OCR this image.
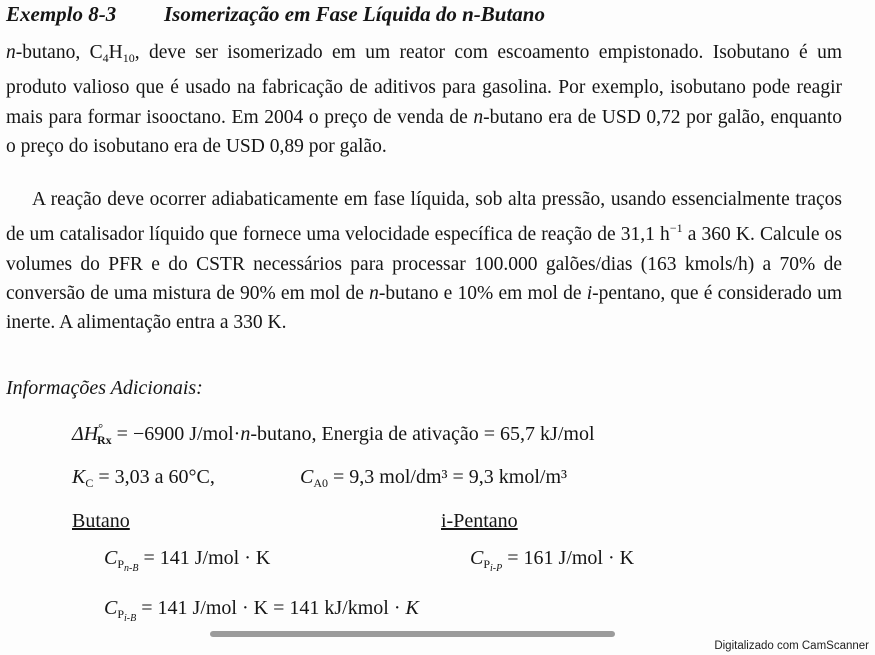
Exemplo 8-3 Isomerização em Fase Líquida do n-Butano

n-butano, $C_4H_{10}$, deve ser isomerizado em um reator com escoamento empistonado. Isobutano é um produto valioso que é usado na fabricação de aditivos para gasolina. Por exemplo, isobutano pode reagir mais para formar isooctano. Em 2004 o preço de venda de n-butano era de USD 0,72 por galão, enquanto o preço do isobutano era de USD 0,89 por galão.

A reação deve ocorrer adiabaticamente em fase líquida, sob alta pressão, usando essencialmente traços de um catalisador líquido que fornece uma velocidade específica de reação de 31,1 $h^{-1}$ a 360 K. Calcule os volumes do PFR e do CSTR necessários para processar 100.000 galões/dias (163 kmols/h) a 70% de conversão de uma mistura de 90% em mol de n-butano e 10% em mol de i-pentano, que é considerado um inerte. A alimentação entra a 330 K.

Informações Adicionais:
$\Delta H^\circ_{Rx} = -6900$ J/mol·n-butano, Energia de ativação = 65,7 kJ/mol
$K_C = 3,03$ a 60°C,	$C_{A0} = 9,3$ mol/dm³ = 9,3 kmol/m³
Butano	i-Pentano
$C_{Pn-B} = 141$ J/mol · K	$C_{Pi-P} = 161$ J/mol · K
$C_{Pi-B} = 141$ J/mol · K = 141 kJ/kmol · K
Digitalizado com CamScanner
